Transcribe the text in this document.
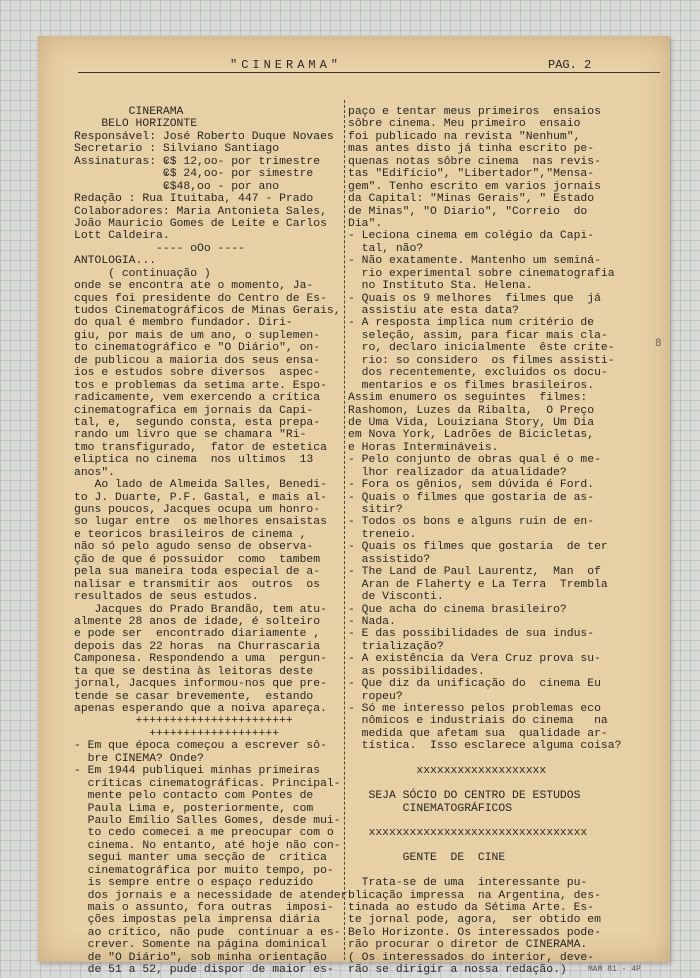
"CINERAMA"	PAG. 2
CINERAMA
BELO HORIZONTE
Responsável: José Roberto Duque Novaes
Secretario : Silviano Santiago
Assinaturas: ₢$ 12,oo- por trimestre
₢$ 24,oo- por simestre
₢$48,oo - por ano
Redação : Rua Ituitaba, 447 - Prado
Colaboradores: Maria Antonieta Sales,
João Mauricio Gomes de Leite e Carlos
Lott Caldeira.
---- oOo ----
ANTOLOGIA...
( continuação )
onde se encontra ate o momento, Ja-
cques foi presidente do Centro de Es-
tudos Cinematográficos de Minas Gerais,
do qual é membro fundador. Diri-
giu, por mais de um ano, o suplemen-
to cinematográfico e "O Diário", on-
de publicou a maioria dos seus ensa-
ios e estudos sobre diversos  aspec-
tos e problemas da setima arte. Espo-
radicamente, vem exercendo a crítica
cinematografica em jornais da Capi-
tal, e,  segundo consta, esta prepa-
rando um livro que se chamara "Ri-
tmo transfigurado,  fator de estetica
eliptica no cinema  nos ultimos  13
anos".
Ao lado de Almeida Salles, Benedi-
to J. Duarte, P.F. Gastal, e mais al-
guns poucos, Jacques ocupa um honro-
so lugar entre  os melhores ensaistas
e teoricos brasileiros de cinema ,
não só pelo agudo senso de observa-
ção de que é possuidor  como  tambem
pela sua maneira toda especial de a-
nalisar e transmitir aos  outros  os
resultados de seus estudos.
Jacques do Prado Brandão, tem atu-
almente 28 anos de idade, é solteiro
e pode ser  encontrado diariamente ,
depois das 22 horas  na Churrascaria
Camponesa. Respondendo a uma  pergun-
ta que se destina às leitoras deste
jornal, Jacques informou-nos que pre-
tende se casar brevemente,  estando
apenas esperando que a noiva apareça.
+++++++++++++++++++++++
+++++++++++++++++++
- Em que época começou a escrever sô-
bre CINEMA? Onde?
- Em 1944 publiquei minhas primeiras
críticas cinematográficas. Principal-
mente pelo contacto com Pontes de
Paula Lima e, posteriormente, com
Paulo Emílio Salles Gomes, desde mui-
to cedo comecei a me preocupar com o
cinema. No entanto, até hoje não con-
segui manter uma secção de  crítica
cinematográfica por muito tempo, po-
is sempre entre o espaço reduzido
dos jornais e a necessidade de atender
mais o assunto, fora outras  imposi-
ções impostas pela imprensa diária
ao crítico, não pude  continuar a es-
crever. Somente na página dominical
de "O Diário", sob minha orientação
de 51 a 52, pude dispor de maior es-
paço e tentar meus primeiros  ensaios
sôbre cinema. Meu primeiro  ensaio
foi publicado na revista "Nenhum",
mas antes disto já tinha escrito pe-
quenas notas sôbre cinema  nas revis-
tas "Edifício", "Libertador","Mensa-
gem". Tenho escrito em varios jornais
da Capital: "Minas Gerais", " Estado
de Minas", "O Diario", "Correio  do
Dia".
- Leciona cinema em colégio da Capi-
tal, não?
- Não exatamente. Mantenho um seminá-
rio experimental sobre cinematografia
no Instituto Sta. Helena.
- Quais os 9 melhores  filmes que  já
assistiu ate esta data?
- A resposta implica num critério de
seleção, assim, para ficar mais cla-
ro, declaro inicialmente  êste crite-
rio: so considero  os filmes assisti-
dos recentemente, excluidos os docu-
mentarios e os filmes brasileiros.
Assim enumero os seguintes  filmes:
Rashomon, Luzes da Ribalta,  O Preço
de Uma Vida, Louiziana Story, Um Dia
em Nova York, Ladrões de Bicicletas,
e Horas Intermináveis.
- Pelo conjunto de obras qual é o me-
lhor realizador da atualidade?
- Fora os gênios, sem dúvida é Ford.
- Quais o filmes que gostaria de as-
sitir?
- Todos os bons e alguns ruin de en-
treneio.
- Quais os filmes que gostaria  de ter
assistido?
- The Land de Paul Laurentz,  Man  of
Aran de Flaherty e La Terra  Trembla
de Visconti.
- Que acha do cinema brasileiro?
- Nada.
- E das possibilidades de sua indus-
trialização?
- A existência da Vera Cruz prova su-
as possibilidades.
- Que diz da unificação do  cinema Eu
ropeu?
- Só me interesso pelos problemas eco
nômicos e industriais do cinema   na
medida que afetam sua  qualidade ar-
tística.  Isso esclarece alguma coisa?
xxxxxxxxxxxxxxxxxxx
SEJA SÓCIO DO CENTRO DE ESTUDOS
CINEMATOGRÁFICOS
xxxxxxxxxxxxxxxxxxxxxxxxxxxxxxxx
GENTE  DE  CINE
Trata-se de uma  interessante pu-
blicação impressa  na Argentina, des-
tinada ao estudo da Sétima Arte. Es-
te jornal pode, agora,  ser obtido em
Belo Horizonte. Os interessados pode-
rão procurar o diretor de CINERAMA.
( Os interessados do interior, deve-
rão se dirigir a nossa redação.)
8
MAM 81 - 4P
